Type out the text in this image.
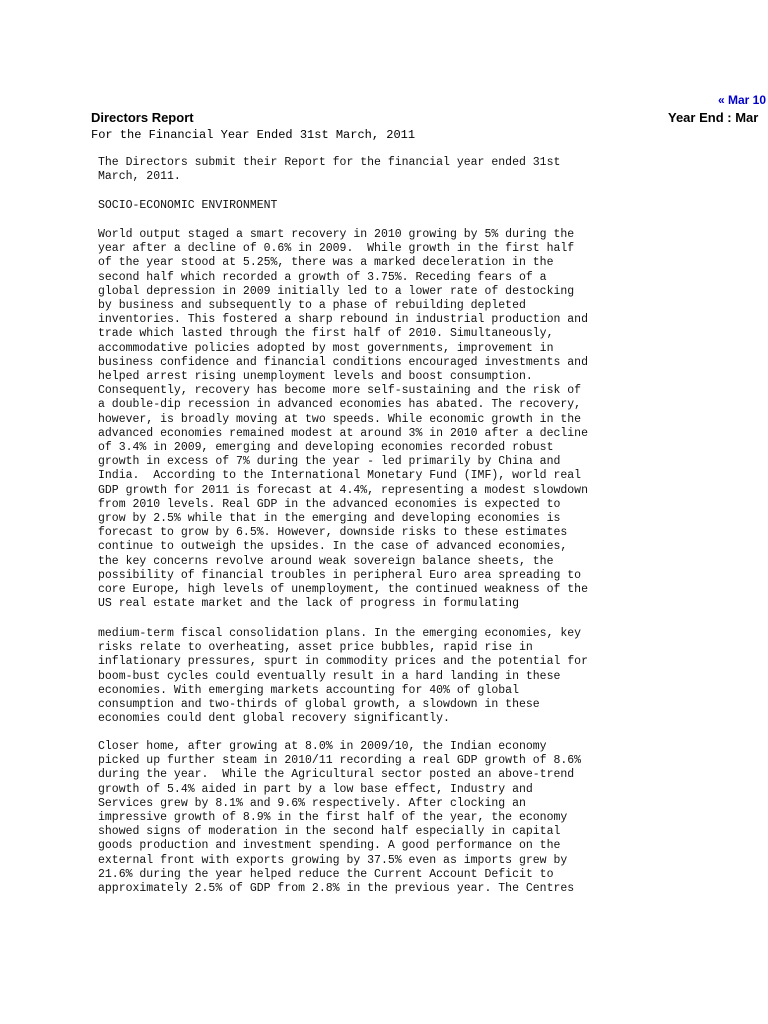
« Mar 10
Directors Report	Year End : Mar
For the Financial Year Ended 31st March, 2011
The Directors submit their Report for the financial year ended 31st
March, 2011.
SOCIO-ECONOMIC ENVIRONMENT
World output staged a smart recovery in 2010 growing by 5% during the
year after a decline of 0.6% in 2009.  While growth in the first half
of the year stood at 5.25%, there was a marked deceleration in the
second half which recorded a growth of 3.75%. Receding fears of a
global depression in 2009 initially led to a lower rate of destocking
by business and subsequently to a phase of rebuilding depleted
inventories. This fostered a sharp rebound in industrial production and
trade which lasted through the first half of 2010. Simultaneously,
accommodative policies adopted by most governments, improvement in
business confidence and financial conditions encouraged investments and
helped arrest rising unemployment levels and boost consumption.
Consequently, recovery has become more self-sustaining and the risk of
a double-dip recession in advanced economies has abated. The recovery,
however, is broadly moving at two speeds. While economic growth in the
advanced economies remained modest at around 3% in 2010 after a decline
of 3.4% in 2009, emerging and developing economies recorded robust
growth in excess of 7% during the year - led primarily by China and
India.  According to the International Monetary Fund (IMF), world real
GDP growth for 2011 is forecast at 4.4%, representing a modest slowdown
from 2010 levels. Real GDP in the advanced economies is expected to
grow by 2.5% while that in the emerging and developing economies is
forecast to grow by 6.5%. However, downside risks to these estimates
continue to outweigh the upsides. In the case of advanced economies,
the key concerns revolve around weak sovereign balance sheets, the
possibility of financial troubles in peripheral Euro area spreading to
core Europe, high levels of unemployment, the continued weakness of the
US real estate market and the lack of progress in formulating
medium-term fiscal consolidation plans. In the emerging economies, key
risks relate to overheating, asset price bubbles, rapid rise in
inflationary pressures, spurt in commodity prices and the potential for
boom-bust cycles could eventually result in a hard landing in these
economies. With emerging markets accounting for 40% of global
consumption and two-thirds of global growth, a slowdown in these
economies could dent global recovery significantly.
Closer home, after growing at 8.0% in 2009/10, the Indian economy
picked up further steam in 2010/11 recording a real GDP growth of 8.6%
during the year.  While the Agricultural sector posted an above-trend
growth of 5.4% aided in part by a low base effect, Industry and
Services grew by 8.1% and 9.6% respectively. After clocking an
impressive growth of 8.9% in the first half of the year, the economy
showed signs of moderation in the second half especially in capital
goods production and investment spending. A good performance on the
external front with exports growing by 37.5% even as imports grew by
21.6% during the year helped reduce the Current Account Deficit to
approximately 2.5% of GDP from 2.8% in the previous year. The Centres
